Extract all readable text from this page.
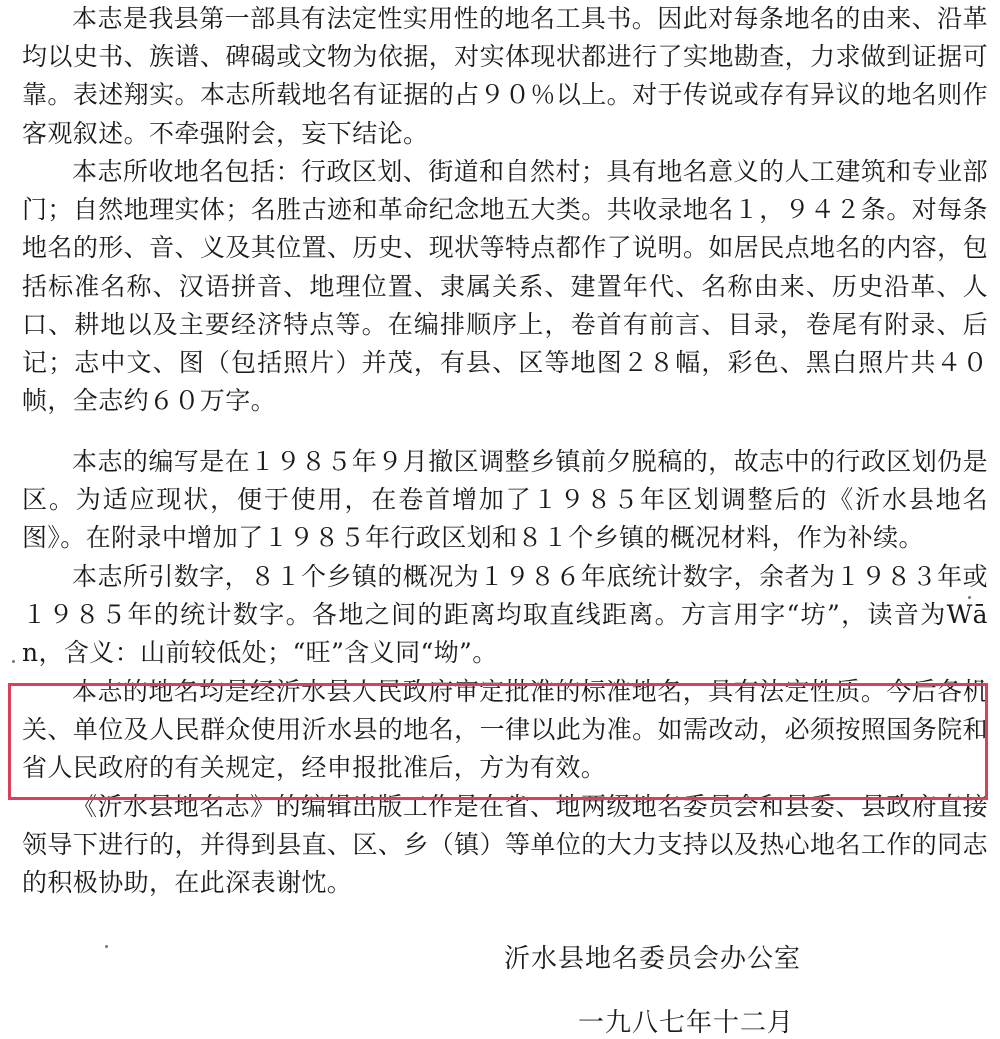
本志是我县第一部具有法定性实用性的地名工具书。因此对每条地名的由来、沿革均以史书、族谱、碑碣或文物为依据，对实体现状都进行了实地勘查，力求做到证据可靠。表述翔实。本志所载地名有证据的占９０％以上。对于传说或存有异议的地名则作客观叙述。不牵强附会，妄下结论。

本志所收地名包括：行政区划、街道和自然村；具有地名意义的人工建筑和专业部门；自然地理实体；名胜古迹和革命纪念地五大类。共收录地名１，９４２条。对每条地名的形、音、义及其位置、历史、现状等特点都作了说明。如居民点地名的内容，包括标准名称、汉语拼音、地理位置、隶属关系、建置年代、名称由来、历史沿革、人口、耕地以及主要经济特点等。在编排顺序上，卷首有前言、目录，卷尾有附录、后记；志中文、图（包括照片）并茂，有县、区等地图２８幅，彩色、黑白照片共４０帧，全志约６０万字。

本志的编写是在１９８５年９月撤区调整乡镇前夕脱稿的，故志中的行政区划仍是区。为适应现状，便于使用，在卷首增加了１９８５年区划调整后的《沂水县地名图》。在附录中增加了１９８５年行政区划和８１个乡镇的概况材料，作为补续。

本志所引数字，８１个乡镇的概况为１９８６年底统计数字，余者为１９８３年或１９８５年的统计数字。各地之间的距离均取直线距离。方言用字“坊”，读音为Wān，含义：山前较低处；“旺”含义同“坳”。

本志的地名均是经沂水县人民政府审定批准的标准地名，具有法定性质。今后各机关、单位及人民群众使用沂水县的地名，一律以此为准。如需改动，必须按照国务院和省人民政府的有关规定，经申报批准后，方为有效。

《沂水县地名志》的编辑出版工作是在省、地两级地名委员会和县委、县政府直接领导下进行的，并得到县直、区、乡（镇）等单位的大力支持以及热心地名工作的同志的积极协助，在此深表谢忱。

沂水县地名委员会办公室

一九八七年十二月
